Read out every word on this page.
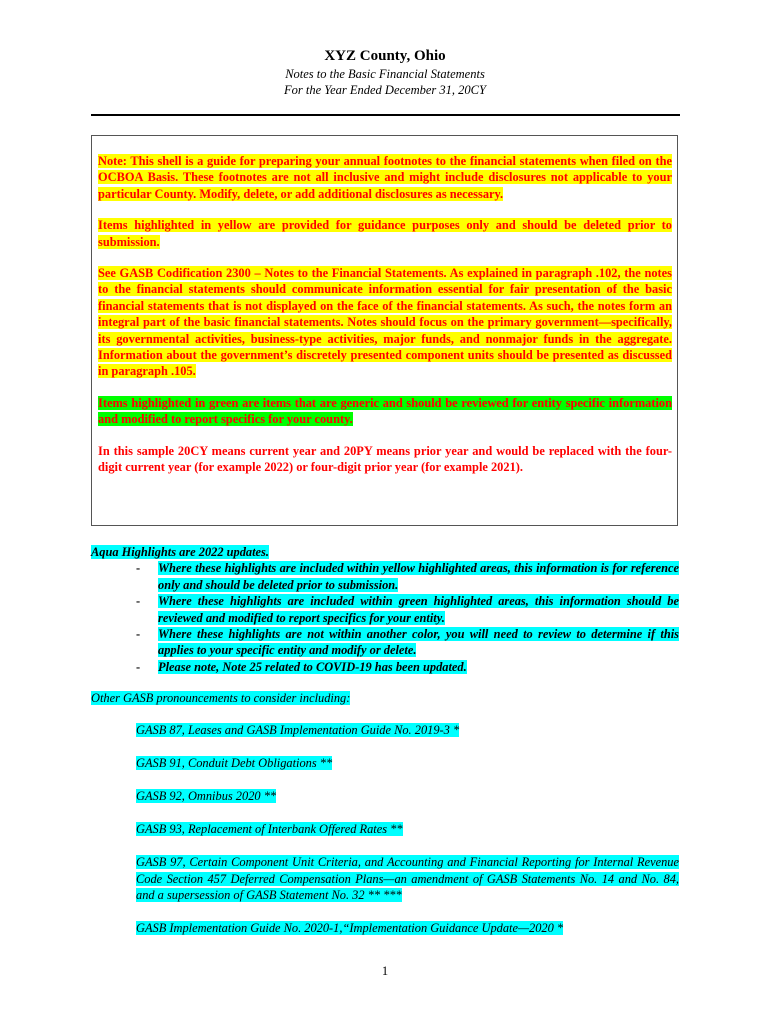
XYZ County, Ohio
Notes to the Basic Financial Statements
For the Year Ended December 31, 20CY

Note: This shell is a guide for preparing your annual footnotes to the financial statements when filed on the OCBOA Basis. These footnotes are not all inclusive and might include disclosures not applicable to your particular County. Modify, delete, or add additional disclosures as necessary.

Items highlighted in yellow are provided for guidance purposes only and should be deleted prior to submission.

See GASB Codification 2300 – Notes to the Financial Statements. As explained in paragraph .102, the notes to the financial statements should communicate information essential for fair presentation of the basic financial statements that is not displayed on the face of the financial statements. As such, the notes form an integral part of the basic financial statements. Notes should focus on the primary government—specifically, its governmental activities, business-type activities, major funds, and nonmajor funds in the aggregate. Information about the government’s discretely presented component units should be presented as discussed in paragraph .105.

Items highlighted in green are items that are generic and should be reviewed for entity specific information and modified to report specifics for your county.

In this sample 20CY means current year and 20PY means prior year and would be replaced with the four-digit current year (for example 2022) or four-digit prior year (for example 2021).

Aqua Highlights are 2022 updates.

- Where these highlights are included within yellow highlighted areas, this information is for reference only and should be deleted prior to submission.
- Where these highlights are included within green highlighted areas, this information should be reviewed and modified to report specifics for your entity.
- Where these highlights are not within another color, you will need to review to determine if this applies to your specific entity and modify or delete.
- Please note, Note 25 related to COVID-19 has been updated.

Other GASB pronouncements to consider including:

GASB 87, Leases and GASB Implementation Guide No. 2019-3 *

GASB 91, Conduit Debt Obligations **

GASB 92, Omnibus 2020 **

GASB 93, Replacement of Interbank Offered Rates **

GASB 97, Certain Component Unit Criteria, and Accounting and Financial Reporting for Internal Revenue Code Section 457 Deferred Compensation Plans—an amendment of GASB Statements No. 14 and No. 84, and a supersession of GASB Statement No. 32 ** ***

GASB Implementation Guide No. 2020-1,“Implementation Guidance Update—2020 *

1
